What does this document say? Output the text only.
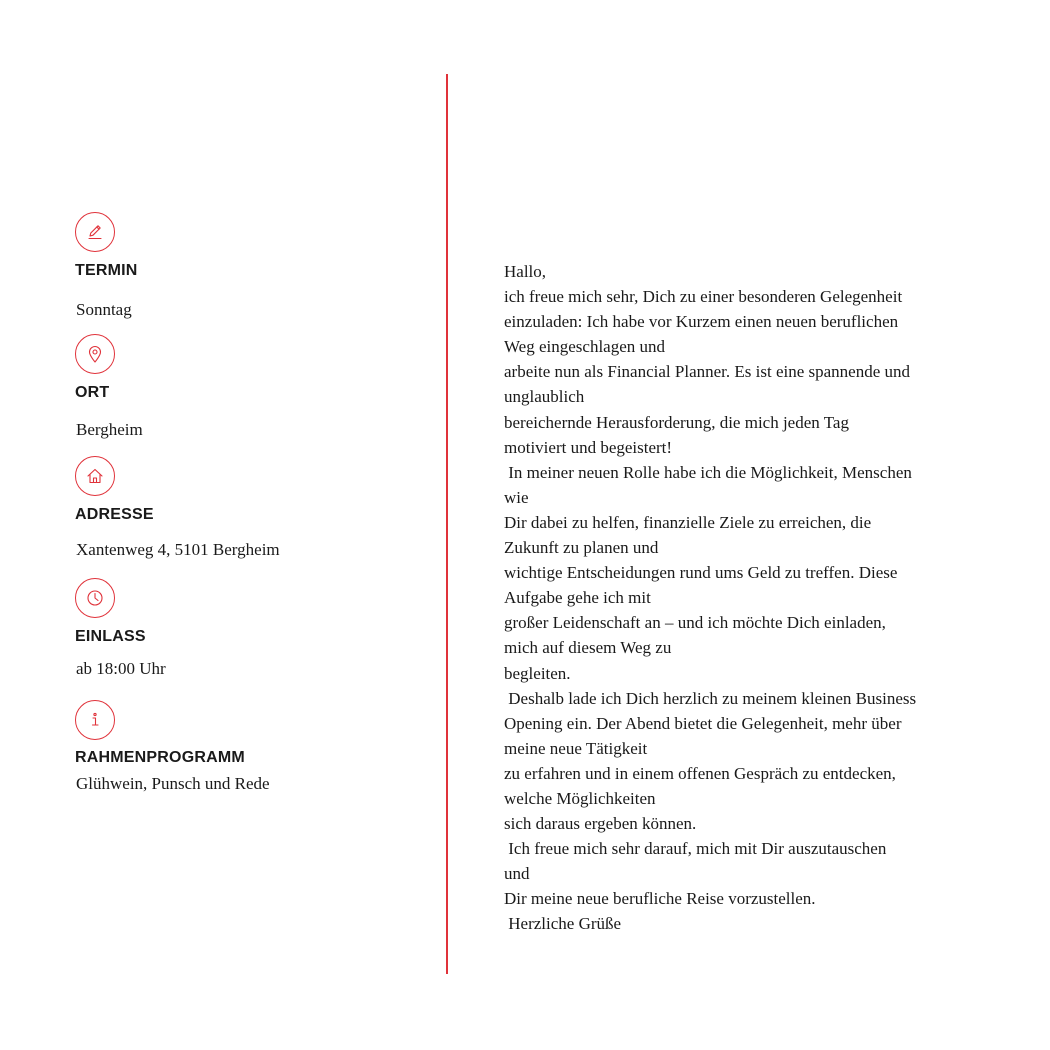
TERMIN
Sonntag
ORT
Bergheim
ADRESSE
Xantenweg 4, 5101 Bergheim
EINLASS
ab 18:00 Uhr
RAHMENPROGRAMM
Glühwein, Punsch und Rede
Hallo,
ich freue mich sehr, Dich zu einer besonderen Gelegenheit
einzuladen: Ich habe vor Kurzem einen neuen beruflichen
Weg eingeschlagen und
arbeite nun als Financial Planner. Es ist eine spannende und
unglaublich
bereichernde Herausforderung, die mich jeden Tag
motiviert und begeistert!
In meiner neuen Rolle habe ich die Möglichkeit, Menschen
wie
Dir dabei zu helfen, finanzielle Ziele zu erreichen, die
Zukunft zu planen und
wichtige Entscheidungen rund ums Geld zu treffen. Diese
Aufgabe gehe ich mit
großer Leidenschaft an – und ich möchte Dich einladen,
mich auf diesem Weg zu
begleiten.
Deshalb lade ich Dich herzlich zu meinem kleinen Business
Opening ein. Der Abend bietet die Gelegenheit, mehr über
meine neue Tätigkeit
zu erfahren und in einem offenen Gespräch zu entdecken,
welche Möglichkeiten
sich daraus ergeben können.
Ich freue mich sehr darauf, mich mit Dir auszutauschen
und
Dir meine neue berufliche Reise vorzustellen.
Herzliche Grüße
